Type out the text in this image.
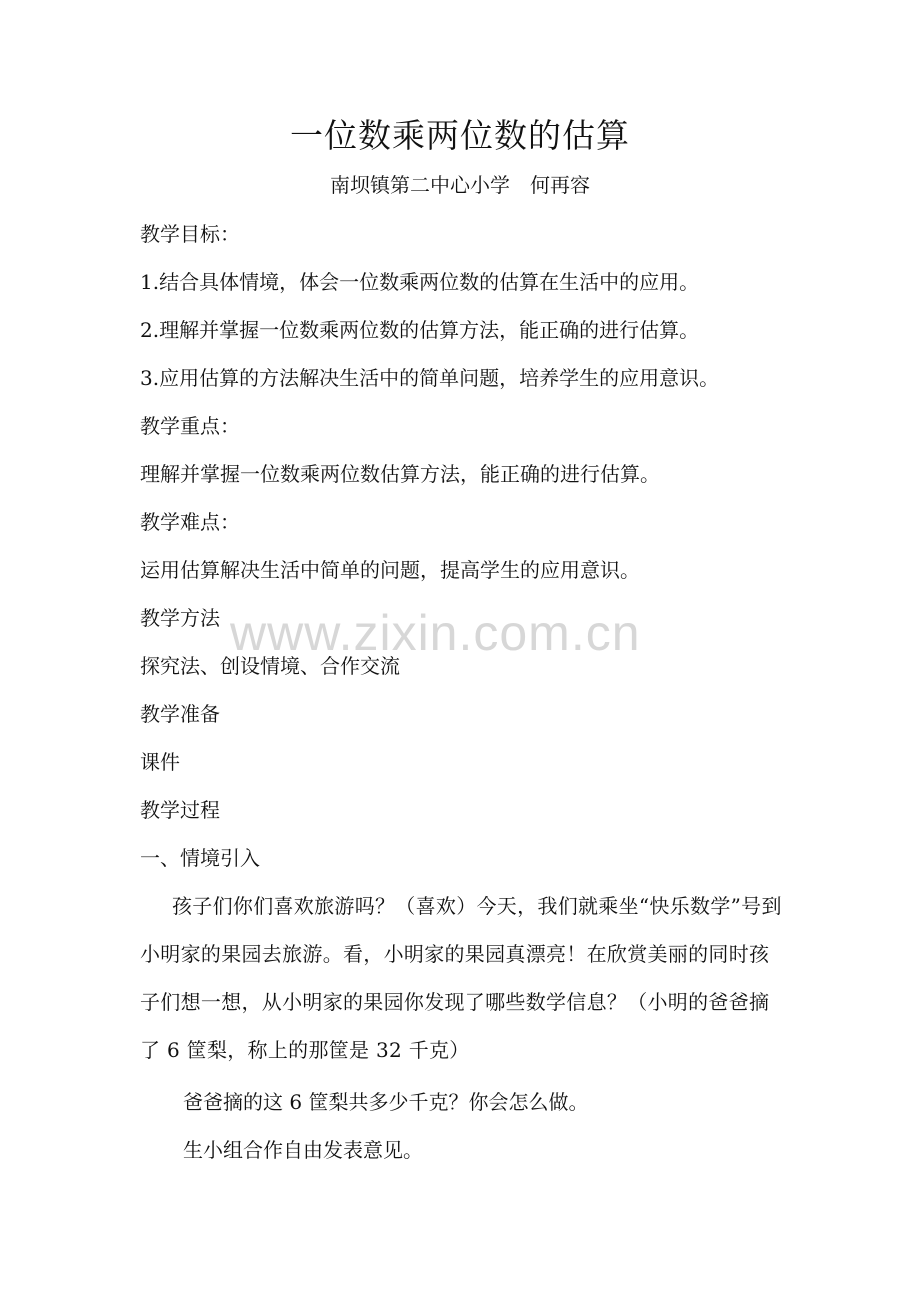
一位数乘两位数的估算
南坝镇第二中心小学　何再容
教学目标：
1.结合具体情境，体会一位数乘两位数的估算在生活中的应用。
2.理解并掌握一位数乘两位数的估算方法，能正确的进行估算。
3.应用估算的方法解决生活中的简单问题，培养学生的应用意识。
教学重点：
理解并掌握一位数乘两位数估算方法，能正确的进行估算。
教学难点：
运用估算解决生活中简单的问题，提高学生的应用意识。
教学方法
探究法、创设情境、合作交流
教学准备
课件
教学过程
一、情境引入
孩子们你们喜欢旅游吗？（喜欢）今天，我们就乘坐“快乐数学”号到小明家的果园去旅游。看，小明家的果园真漂亮！在欣赏美丽的同时孩子们想一想，从小明家的果园你发现了哪些数学信息？（小明的爸爸摘了 6 筐梨，称上的那筐是 32 千克）
爸爸摘的这 6 筐梨共多少千克？你会怎么做。
生小组合作自由发表意见。
www.zixin.com.cn
